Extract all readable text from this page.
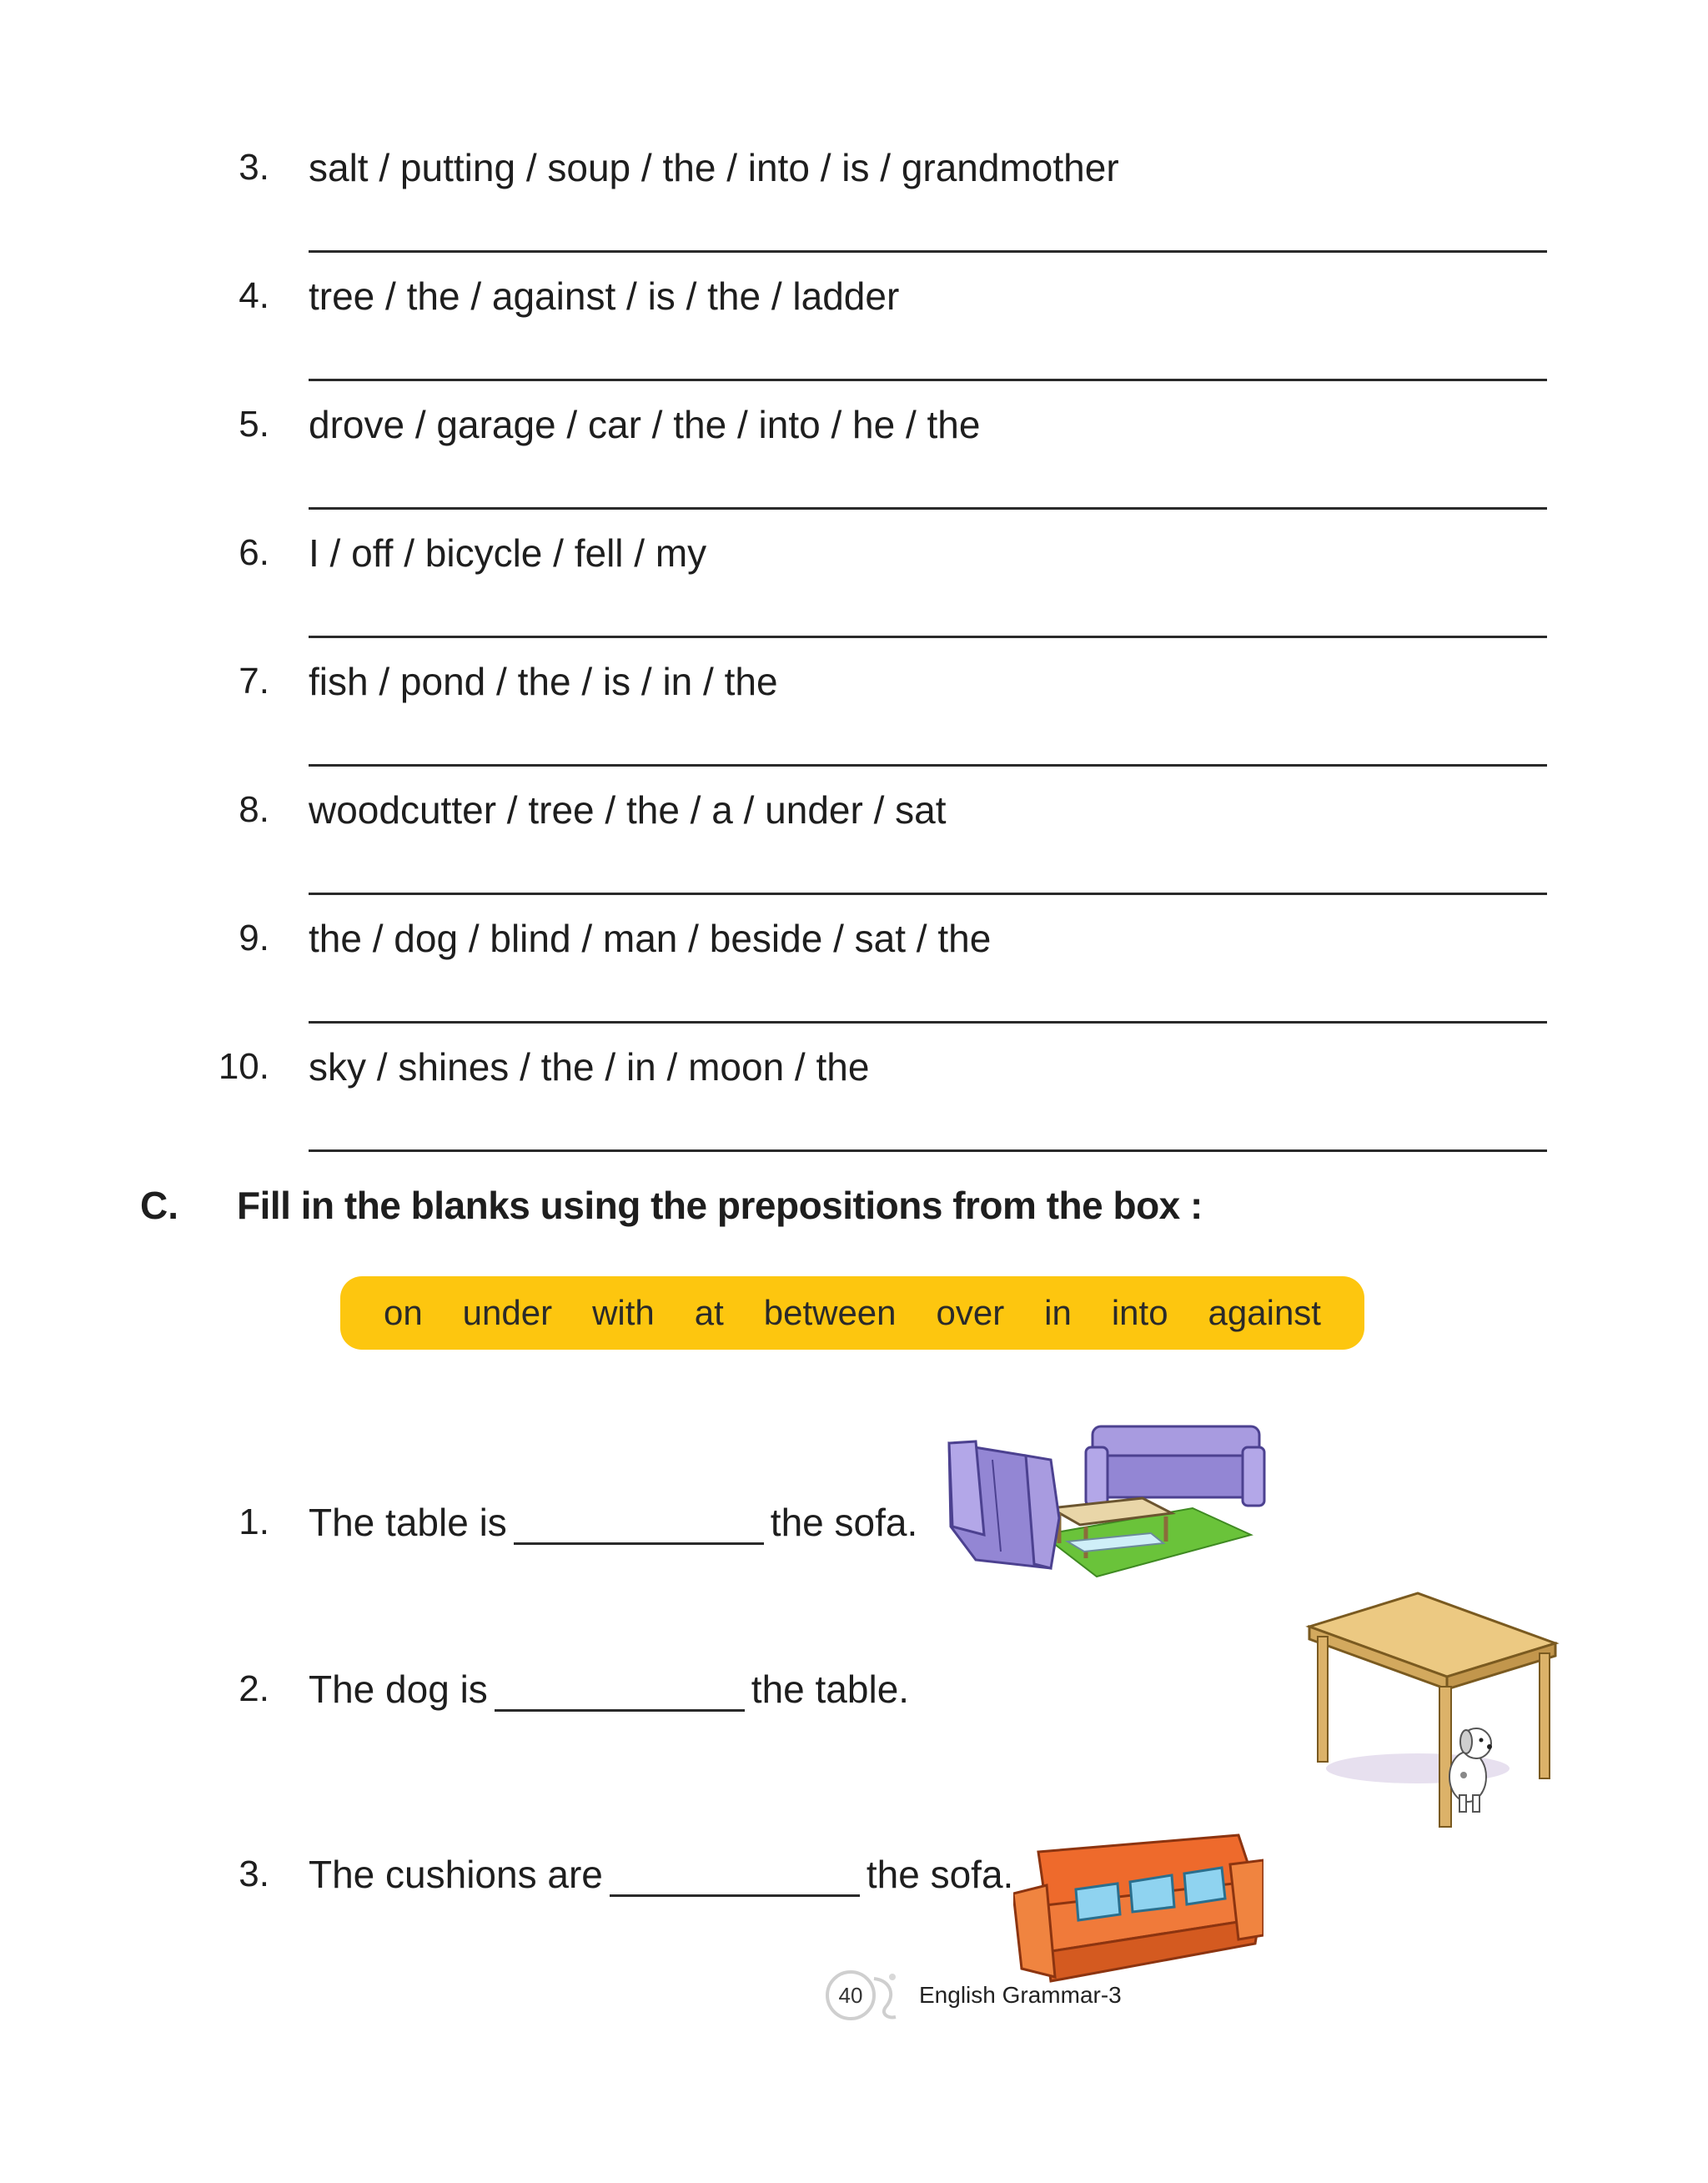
3. salt / putting / soup / the / into / is / grandmother
4. tree / the / against / is / the / ladder
5. drove / garage / car / the / into / he / the
6. I / off / bicycle / fell / my
7. fish / pond / the / is / in / the
8. woodcutter / tree / the / a / under / sat
9. the / dog / blind / man / beside / sat / the
10. sky / shines / the / in / moon / the
C. Fill in the blanks using the prepositions from the box :
on under with at between over in into against
1. The table is	the sofa.
2. The dog is	the table.
3. The cushions are	the sofa.
40	English Grammar-3
